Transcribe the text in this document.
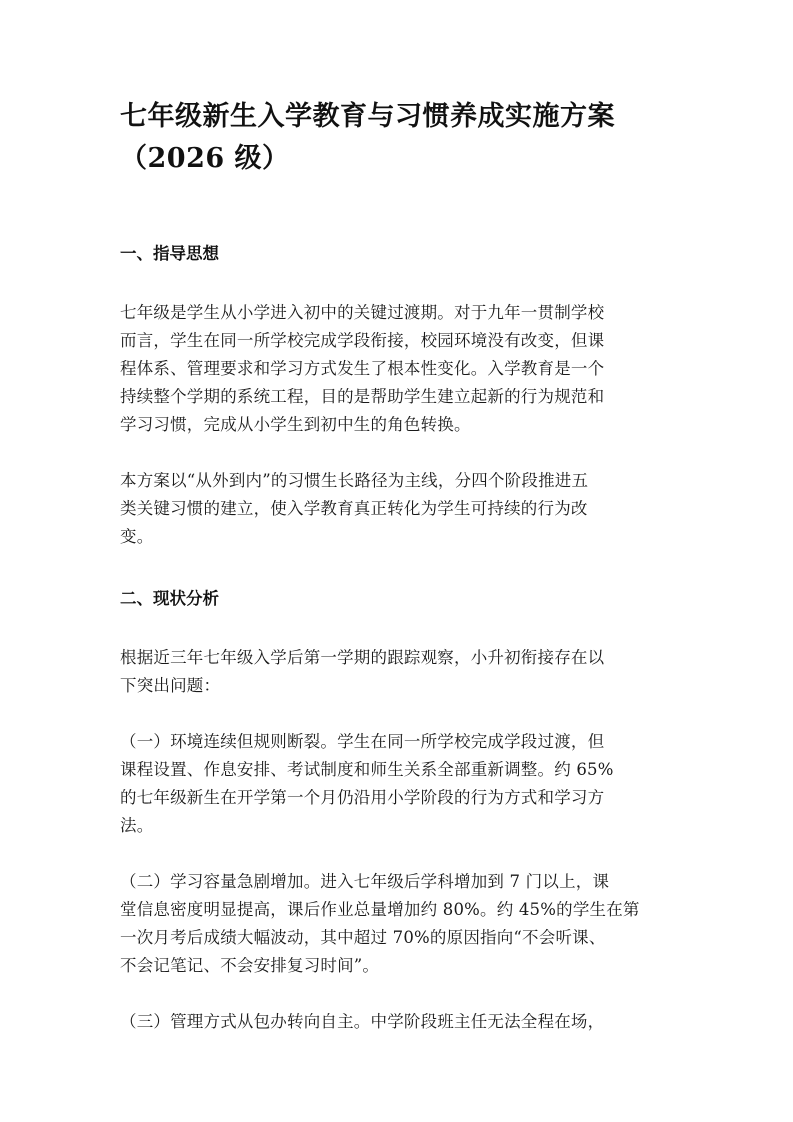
七年级新生入学教育与习惯养成实施方案
（2026 级）
一、指导思想

七年级是学生从小学进入初中的关键过渡期。对于九年一贯制学校
而言，学生在同一所学校完成学段衔接，校园环境没有改变，但课
程体系、管理要求和学习方式发生了根本性变化。入学教育是一个
持续整个学期的系统工程，目的是帮助学生建立起新的行为规范和
学习习惯，完成从小学生到初中生的角色转换。

本方案以“从外到内”的习惯生长路径为主线，分四个阶段推进五
类关键习惯的建立，使入学教育真正转化为学生可持续的行为改
变。

二、现状分析

根据近三年七年级入学后第一学期的跟踪观察，小升初衔接存在以
下突出问题：

（一）环境连续但规则断裂。学生在同一所学校完成学段过渡，但
课程设置、作息安排、考试制度和师生关系全部重新调整。约 65%
的七年级新生在开学第一个月仍沿用小学阶段的行为方式和学习方
法。

（二）学习容量急剧增加。进入七年级后学科增加到 7 门以上，课
堂信息密度明显提高，课后作业总量增加约 80%。约 45%的学生在第
一次月考后成绩大幅波动，其中超过 70%的原因指向“不会听课、
不会记笔记、不会安排复习时间”。

（三）管理方式从包办转向自主。中学阶段班主任无法全程在场，
